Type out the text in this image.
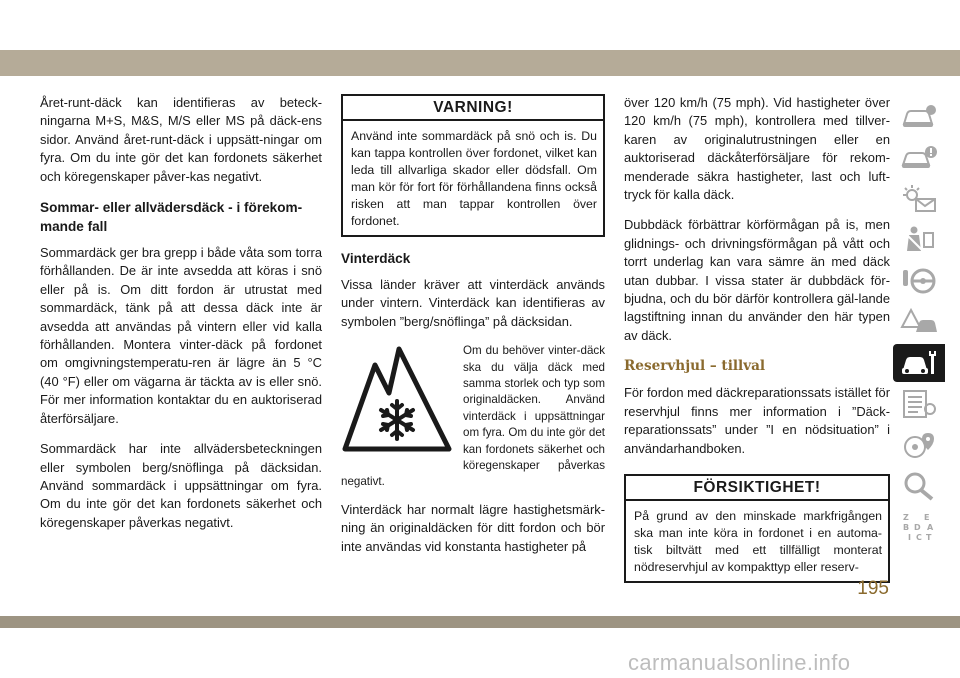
Året-runt-däck kan identifieras av beteck-ningarna M+S, M&S, M/S eller MS på däck-ens sidor. Använd året-runt-däck i uppsätt-ningar om fyra. Om du inte gör det kan fordonets säkerhet och köregenskaper påver-kas negativt.

Sommar- eller allvädersdäck - i förekom-mande fall

Sommardäck ger bra grepp i både våta som torra förhållanden. De är inte avsedda att köras i snö eller på is. Om ditt fordon är utrustat med sommardäck, tänk på att dessa däck inte är avsedda att användas på vintern eller vid kalla förhållanden. Montera vinter-däck på fordonet om omgivningstemperatu-ren är lägre än 5 °C (40 °F) eller om vägarna är täckta av is eller snö. För mer information kontaktar du en auktoriserad återförsäljare.

Sommardäck har inte allvädersbeteckningen eller symbolen berg/snöflinga på däcksidan. Använd sommardäck i uppsättningar om fyra. Om du inte gör det kan fordonets säkerhet och köregenskaper påverkas negativt.

VARNING!
Använd inte sommardäck på snö och is. Du kan tappa kontrollen över fordonet, vilket kan leda till allvarliga skador eller dödsfall. Om man kör för fort för förhållandena finns också risken att man tappar kontrollen över fordonet.
Vinterdäck

Vissa länder kräver att vinterdäck används under vintern. Vinterdäck kan identifieras av symbolen ”berg/snöflinga” på däcksidan.

Om du behöver vinter-däck ska du välja däck med samma storlek och typ som originaldäcken. Använd vinterdäck i uppsättningar om fyra. Om du inte gör det kan fordonets säkerhet och köregenskaper påverkas negativt.

Vinterdäck har normalt lägre hastighetsmärk-ning än originaldäcken för ditt fordon och bör inte användas vid konstanta hastigheter på

över 120 km/h (75 mph). Vid hastigheter över 120 km/h (75 mph), kontrollera med tillver-karen av originalutrustningen eller en auktoriserad däckåterförsäljare för rekom-menderade säkra hastigheter, last och luft-tryck för kalla däck.

Dubbdäck förbättrar körförmågan på is, men glidnings- och drivningsförmågan på vått och torrt underlag kan vara sämre än med däck utan dubbar. I vissa stater är dubbdäck för-bjudna, och du bör därför kontrollera gäl-lande lagstiftning innan du använder den här typen av däck.

Reservhjul – tillval

För fordon med däckreparationssats istället för reservhjul finns mer information i ”Däck-reparationssats” under ”I en nödsituation” i användarhandboken.

FÖRSIKTIGHET!
På grund av den minskade markfrigången ska man inte köra in fordonet i en automa-tisk biltvätt med ett tillfälligt monterat nödreservhjul av kompakttyp eller reserv-
Z E
B D A
I C T
195
carmanualsonline.info
